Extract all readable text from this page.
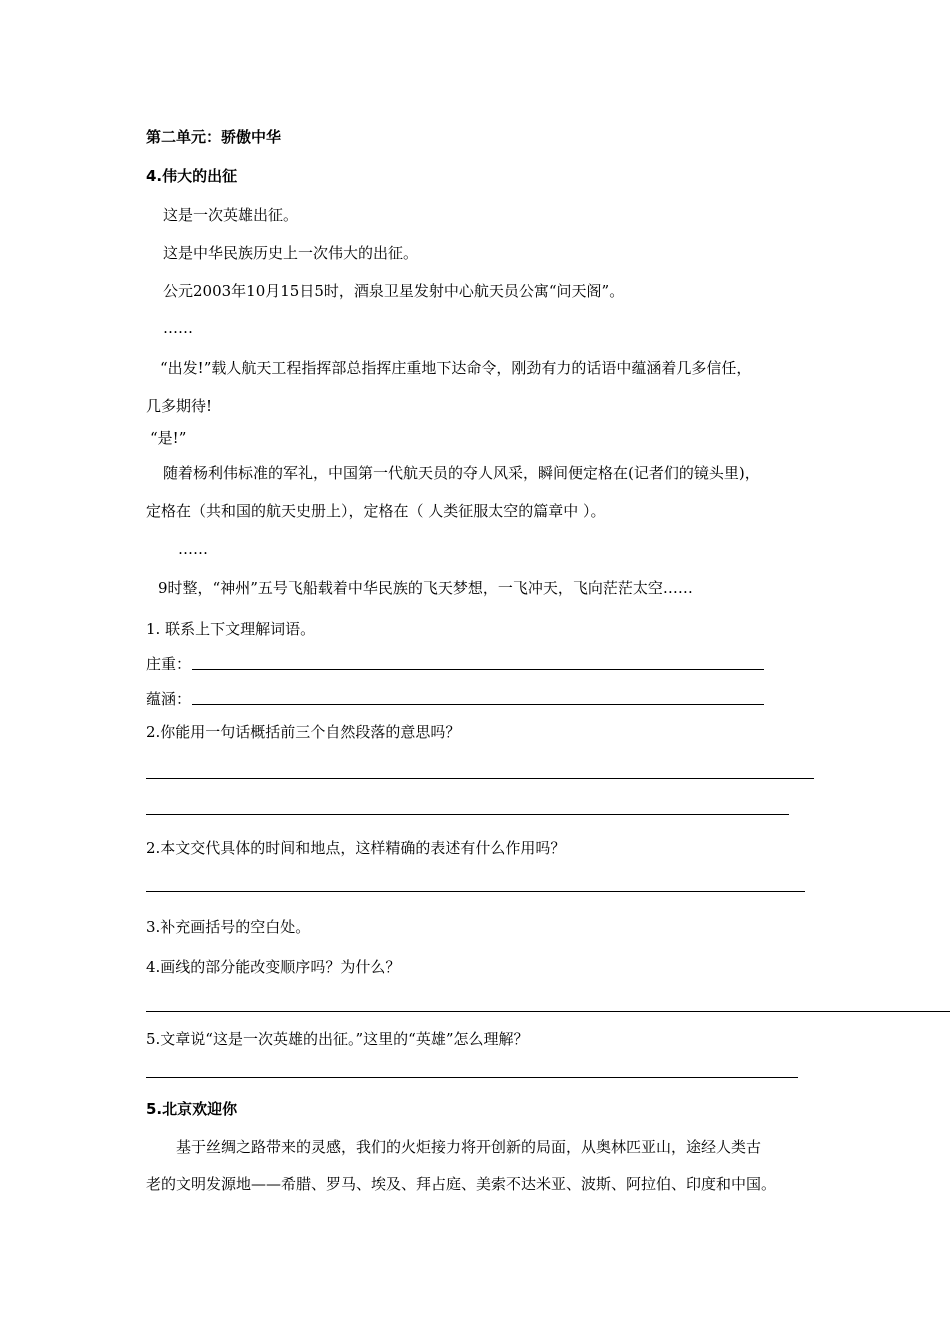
第二单元：骄傲中华
4.伟大的出征
这是一次英雄出征。
这是中华民族历史上一次伟大的出征。
公元2003年10月15日5时，酒泉卫星发射中心航天员公寓“问天阁”。
……
“出发!”载人航天工程指挥部总指挥庄重地下达命令，刚劲有力的话语中蕴涵着几多信任，
几多期待!
“是!”
随着杨利伟标准的军礼，中国第一代航天员的夺人风采，瞬间便定格在(记者们的镜头里)，
定格在（共和国的航天史册上），定格在（ 人类征服太空的篇章中 ）。
……
9时整，“神州”五号飞船载着中华民族的飞天梦想，一飞冲天，飞向茫茫太空……
1. 联系上下文理解词语。
庄重：
蕴涵：
2.你能用一句话概括前三个自然段落的意思吗？
2.本文交代具体的时间和地点，这样精确的表述有什么作用吗？
3.补充画括号的空白处。
4.画线的部分能改变顺序吗？为什么？
5.文章说“这是一次英雄的出征。”这里的“英雄”怎么理解？
5.北京欢迎你
基于丝绸之路带来的灵感，我们的火炬接力将开创新的局面，从奥林匹亚山，途经人类古
老的文明发源地——希腊、罗马、埃及、拜占庭、美索不达米亚、波斯、阿拉伯、印度和中国。
